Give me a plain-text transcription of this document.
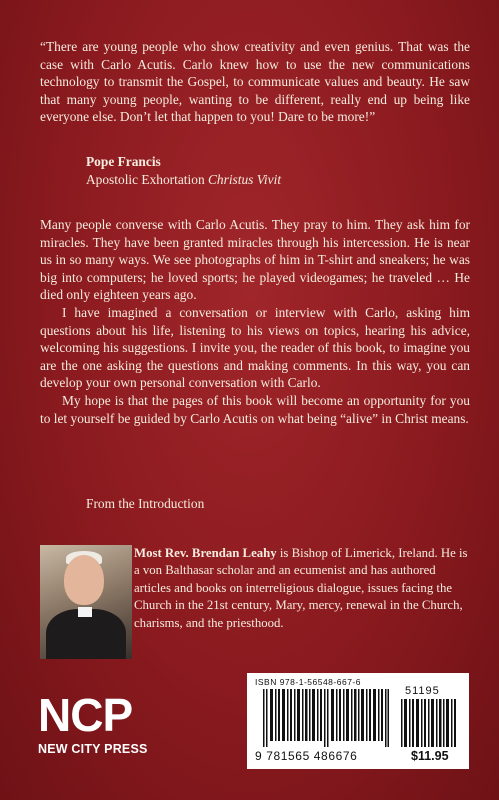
“There are young people who show creativity and even genius. That was the case with Carlo Acutis. Carlo knew how to use the new communications technology to transmit the Gospel, to communicate values and beauty. He saw that many young people, wanting to be different, really end up being like everyone else. Don’t let that happen to you! Dare to be more!”
Pope Francis
Apostolic Exhortation Christus Vivit

Many people converse with Carlo Acutis. They pray to him. They ask him for miracles. They have been granted miracles through his intercession. He is near us in so many ways. We see photographs of him in T-shirt and sneakers; he was big into computers; he loved sports; he played videogames; he traveled … He died only eighteen years ago.

I have imagined a conversation or interview with Carlo, asking him questions about his life, listening to his views on topics, hearing his advice, welcoming his suggestions. I invite you, the reader of this book, to imagine you are the one asking the questions and making comments. In this way, you can develop your own personal conversation with Carlo.

My hope is that the pages of this book will become an opportunity for you to let yourself be guided by Carlo Acutis on what being “alive” in Christ means.

From the Introduction
Most Rev. Brendan Leahy is Bishop of Limerick, Ireland. He is a von Balthasar scholar and an ecumenist and has authored articles and books on interreligious dialogue, issues facing the Church in the 21st century, Mary, mercy, renewal in the Church, charisms, and the priesthood.
NCP
NEW CITY PRESS
ISBN 978-1-56548-667-6
51195
9 781565 486676	$11.95
